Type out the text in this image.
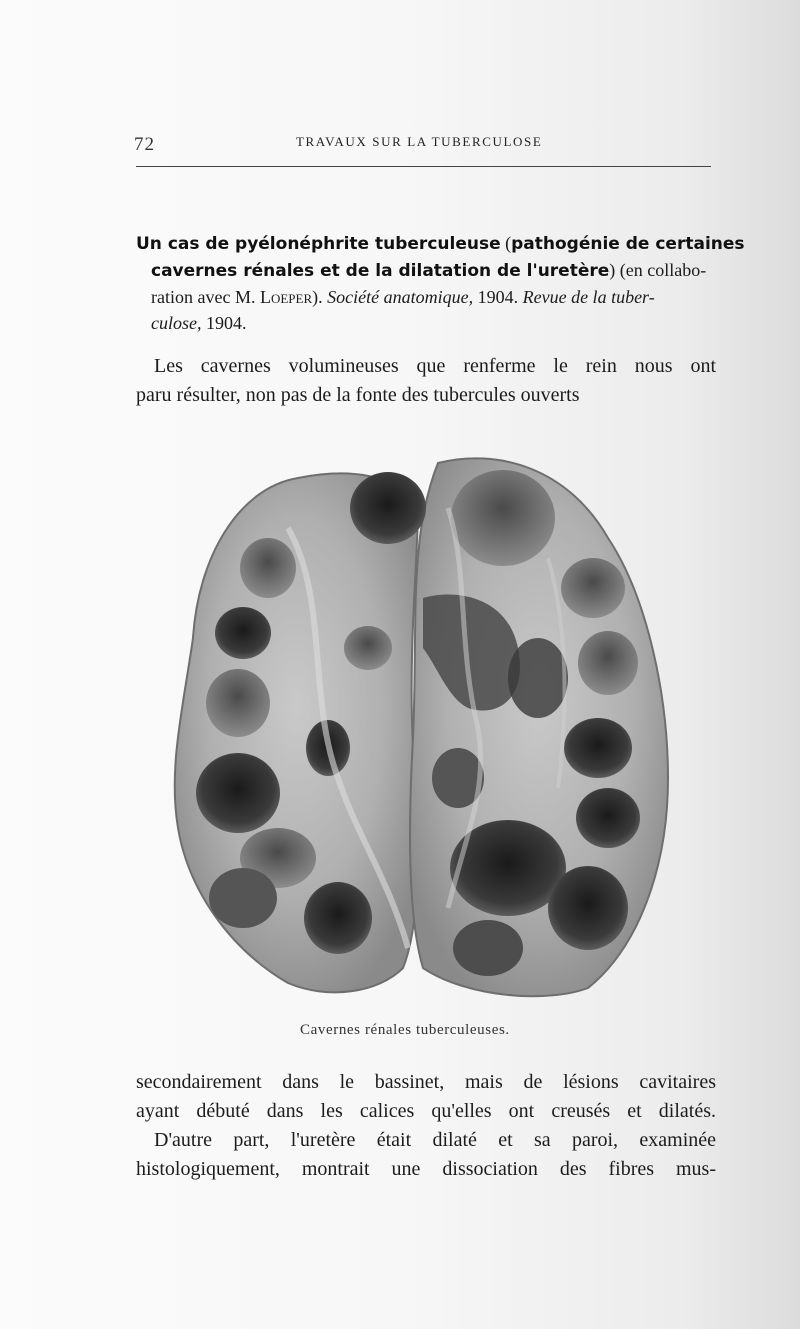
72	TRAVAUX SUR LA TUBERCULOSE
Un cas de pyélonéphrite tuberculeuse (pathogénie de certaines
cavernes rénales et de la dilatation de l'uretère) (en collabo-
ration avec M. Loeper). Société anatomique, 1904. Revue de la tuber-
culose, 1904.
Les cavernes volumineuses que renferme le rein nous ont
paru résulter, non pas de la fonte des tubercules ouverts
Cavernes rénales tuberculeuses.
secondairement dans le bassinet, mais de lésions cavitaires
ayant débuté dans les calices qu'elles ont creusés et dilatés.
D'autre part, l'uretère était dilaté et sa paroi, examinée
histologiquement, montrait une dissociation des fibres mus-
